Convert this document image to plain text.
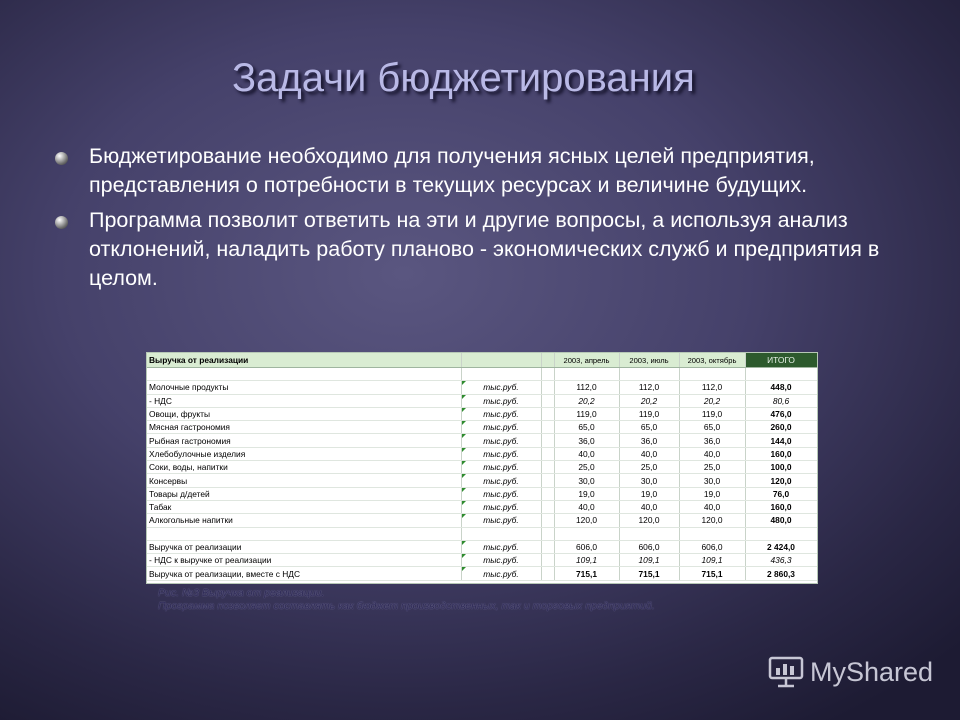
Задачи бюджетирования
Бюджетирование необходимо для получения ясных целей предприятия, представления о потребности в текущих ресурсах и величине будущих.
Программа позволит ответить на эти и другие вопросы, а используя анализ отклонений, наладить работу планово - экономических служб и предприятия в целом.
Выручка от реализации			2003, апрель	2003, июль	2003, октябрь	ИТОГО

Молочные продукты	тыс.руб.		112,0	112,0	112,0	448,0
- НДС	тыс.руб.		20,2	20,2	20,2	80,6
Овощи, фрукты	тыс.руб.		119,0	119,0	119,0	476,0
Мясная гастрономия	тыс.руб.		65,0	65,0	65,0	260,0
Рыбная гастрономия	тыс.руб.		36,0	36,0	36,0	144,0
Хлебобулочные изделия	тыс.руб.		40,0	40,0	40,0	160,0
Соки, воды, напитки	тыс.руб.		25,0	25,0	25,0	100,0
Консервы	тыс.руб.		30,0	30,0	30,0	120,0
Товары д/детей	тыс.руб.		19,0	19,0	19,0	76,0
Табак	тыс.руб.		40,0	40,0	40,0	160,0
Алкогольные напитки	тыс.руб.		120,0	120,0	120,0	480,0

Выручка от реализации	тыс.руб.		606,0	606,0	606,0	2 424,0
- НДС к выручке от реализации	тыс.руб.		109,1	109,1	109,1	436,3
Выручка от реализации, вместе с НДС	тыс.руб.		715,1	715,1	715,1	2 860,3

Рис. №3 Выручка от реализации.
Программа позволяет составлять как бюджет производственных, так и торговых предприятий.

MyShared
